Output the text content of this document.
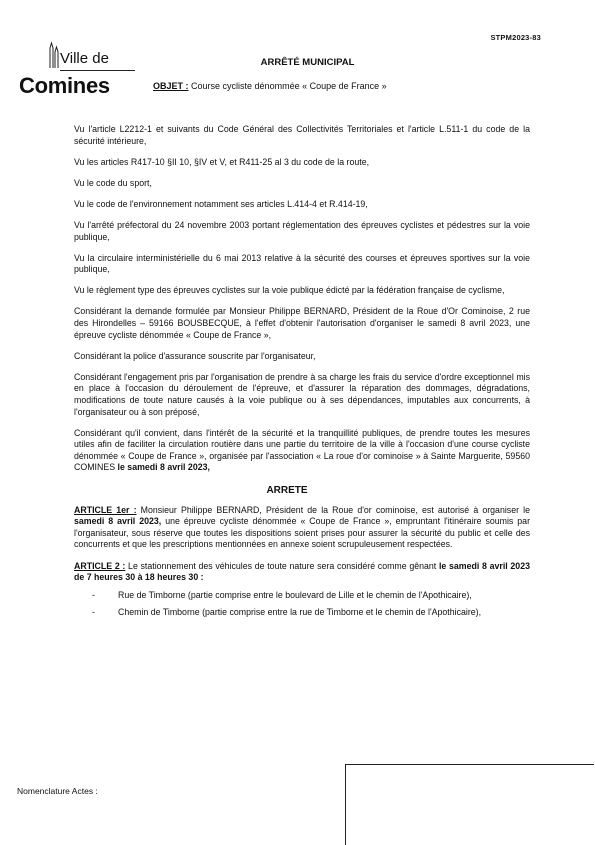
STPM2023-83
Ville de
Comines
ARRÊTÉ MUNICIPAL
OBJET : Course cycliste dénommée « Coupe de France »

Vu l'article L2212-1 et suivants du Code Général des Collectivités Territoriales et l'article L.511-1 du code de la sécurité intérieure,

Vu les articles R417-10 §II 10, §IV et V, et R411-25 al 3 du code de la route,

Vu le code du sport,

Vu le code de l'environnement notamment ses articles L.414-4 et R.414-19,

Vu l'arrêté préfectoral du 24 novembre 2003 portant réglementation des épreuves cyclistes et pédestres sur la voie publique,

Vu la circulaire interministérielle du 6 mai 2013 relative à la sécurité des courses et épreuves sportives sur la voie publique,

Vu le règlement type des épreuves cyclistes sur la voie publique édicté par la fédération française de cyclisme,

Considérant la demande formulée par Monsieur Philippe BERNARD, Président de la Roue d'Or Cominoise, 2 rue des Hirondelles – 59166 BOUSBECQUE, à l'effet d'obtenir l'autorisation d'organiser le samedi 8 avril 2023, une épreuve cycliste dénommée « Coupe de France »,

Considérant la police d'assurance souscrite par l'organisateur,

Considérant l'engagement pris par l'organisation de prendre à sa charge les frais du service d'ordre exceptionnel mis en place à l'occasion du déroulement de l'épreuve, et d'assurer la réparation des dommages, dégradations, modifications de toute nature causés à la voie publique ou à ses dépendances, imputables aux concurrents, à l'organisateur ou à son préposé,

Considérant qu'il convient, dans l'intérêt de la sécurité et la tranquillité publiques, de prendre toutes les mesures utiles afin de faciliter la circulation routière dans une partie du territoire de la ville à l'occasion d'une course cycliste dénommée « Coupe de France », organisée par l'association « La roue d'or cominoise » à Sainte Marguerite, 59560 COMINES le samedi 8 avril 2023,

ARRETE

ARTICLE 1er : Monsieur Philippe BERNARD, Président de la Roue d'or cominoise, est autorisé à organiser le samedi 8 avril 2023, une épreuve cycliste dénommée « Coupe de France », empruntant l'itinéraire soumis par l'organisateur, sous réserve que toutes les dispositions soient prises pour assurer la sécurité du public et celle des concurrents et que les prescriptions mentionnées en annexe soient scrupuleusement respectées.

ARTICLE 2 : Le stationnement des véhicules de toute nature sera considéré comme gênant le samedi 8 avril 2023 de 7 heures 30 à 18 heures 30 :

- Rue de Timborne (partie comprise entre le boulevard de Lille et le chemin de l'Apothicaire),
- Chemin de Timborne (partie comprise entre la rue de Timborne et le chemin de l'Apothicaire),
Nomenclature Actes :
